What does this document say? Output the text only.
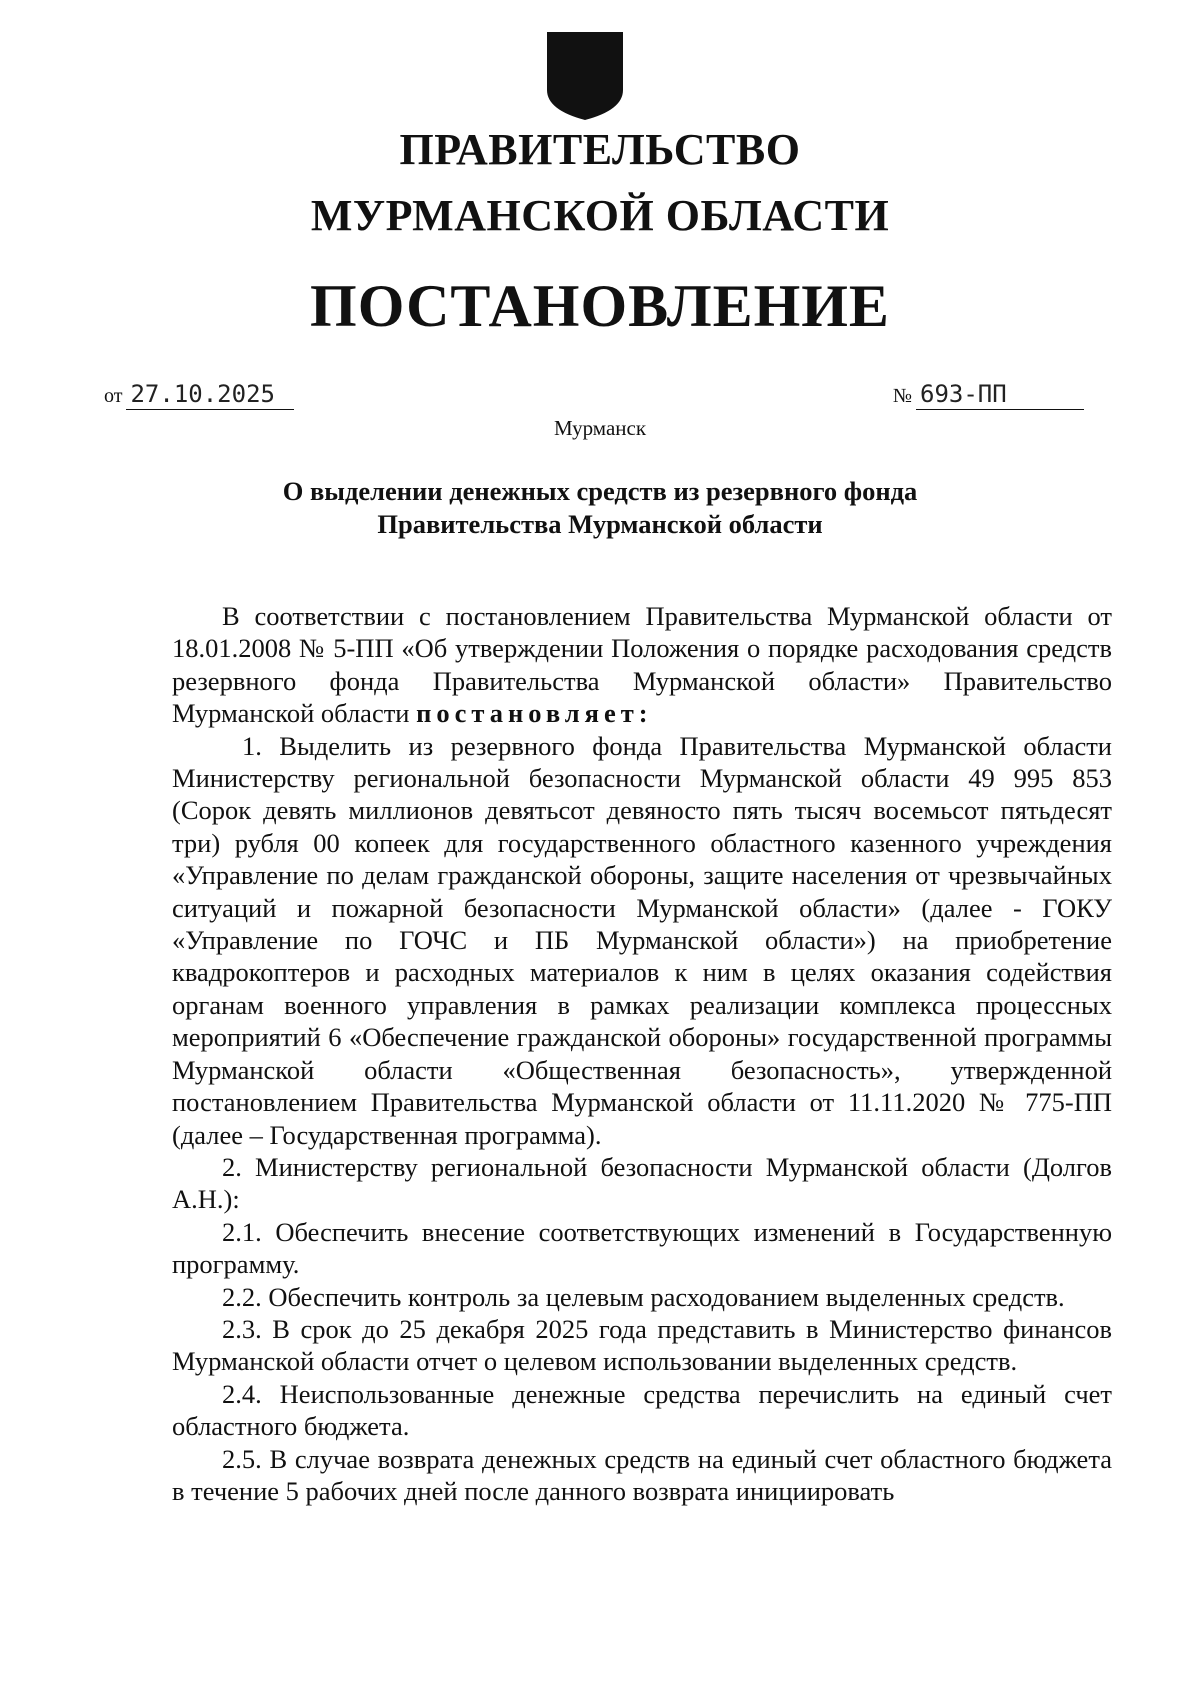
ПРАВИТЕЛЬСТВО
МУРМАНСКОЙ ОБЛАСТИ
ПОСТАНОВЛЕНИЕ
от 27.10.2025	№ 693-ПП
Мурманск
О выделении денежных средств из резервного фонда
Правительства Мурманской области

В соответствии с постановлением Правительства Мурманской области от 18.01.2008 № 5-ПП «Об утверждении Положения о порядке расходования средств резервного фонда Правительства Мурманской области» Правительство Мурманской области постановляет:

1. Выделить из резервного фонда Правительства Мурманской области Министерству региональной безопасности Мурманской области 49 995 853 (Сорок девять миллионов девятьсот девяносто пять тысяч восемьсот пятьдесят три) рубля 00 копеек для государственного областного казенного учреждения «Управление по делам гражданской обороны, защите населения от чрезвычайных ситуаций и пожарной безопасности Мурманской области» (далее - ГОКУ «Управление по ГОЧС и ПБ Мурманской области») на приобретение квадрокоптеров и расходных материалов к ним в целях оказания содействия органам военного управления в рамках реализации комплекса процессных мероприятий 6 «Обеспечение гражданской обороны» государственной программы Мурманской области «Общественная безопасность», утвержденной постановлением Правительства Мурманской области от 11.11.2020 № 775-ПП (далее – Государственная программа).

2. Министерству региональной безопасности Мурманской области (Долгов А.Н.):

2.1. Обеспечить внесение соответствующих изменений в Государственную программу.

2.2. Обеспечить контроль за целевым расходованием выделенных средств.

2.3. В срок до 25 декабря 2025 года представить в Министерство финансов Мурманской области отчет о целевом использовании выделенных средств.

2.4. Неиспользованные денежные средства перечислить на единый счет областного бюджета.

2.5. В случае возврата денежных средств на единый счет областного бюджета в течение 5 рабочих дней после данного возврата инициировать
